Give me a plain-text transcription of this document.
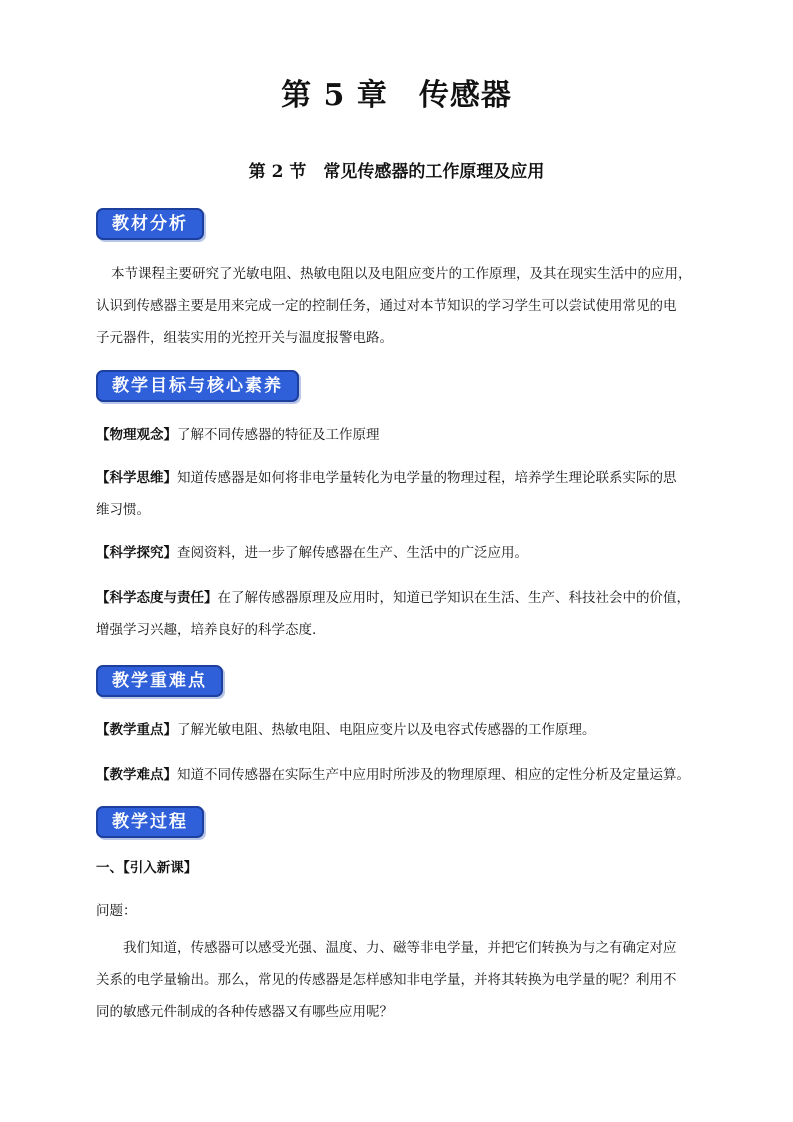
第 5 章　传感器
第 2 节　常见传感器的工作原理及应用
教材分析
本节课程主要研究了光敏电阻、热敏电阻以及电阻应变片的工作原理，及其在现实生活中的应用，
认识到传感器主要是用来完成一定的控制任务，通过对本节知识的学习学生可以尝试使用常见的电
子元器件，组装实用的光控开关与温度报警电路。
教学目标与核心素养
【物理观念】了解不同传感器的特征及工作原理
【科学思维】知道传感器是如何将非电学量转化为电学量的物理过程，培养学生理论联系实际的思
维习惯。
【科学探究】查阅资料，进一步了解传感器在生产、生活中的广泛应用。
【科学态度与责任】在了解传感器原理及应用时，知道已学知识在生活、生产、科技社会中的价值，
增强学习兴趣，培养良好的科学态度.
教学重难点
【教学重点】了解光敏电阻、热敏电阻、电阻应变片以及电容式传感器的工作原理。
【教学难点】知道不同传感器在实际生产中应用时所涉及的物理原理、相应的定性分析及定量运算。
教学过程
一、【引入新课】
问题：
我们知道，传感器可以感受光强、温度、力、磁等非电学量，并把它们转换为与之有确定对应
关系的电学量输出。那么，常见的传感器是怎样感知非电学量，并将其转换为电学量的呢？利用不
同的敏感元件制成的各种传感器又有哪些应用呢？
